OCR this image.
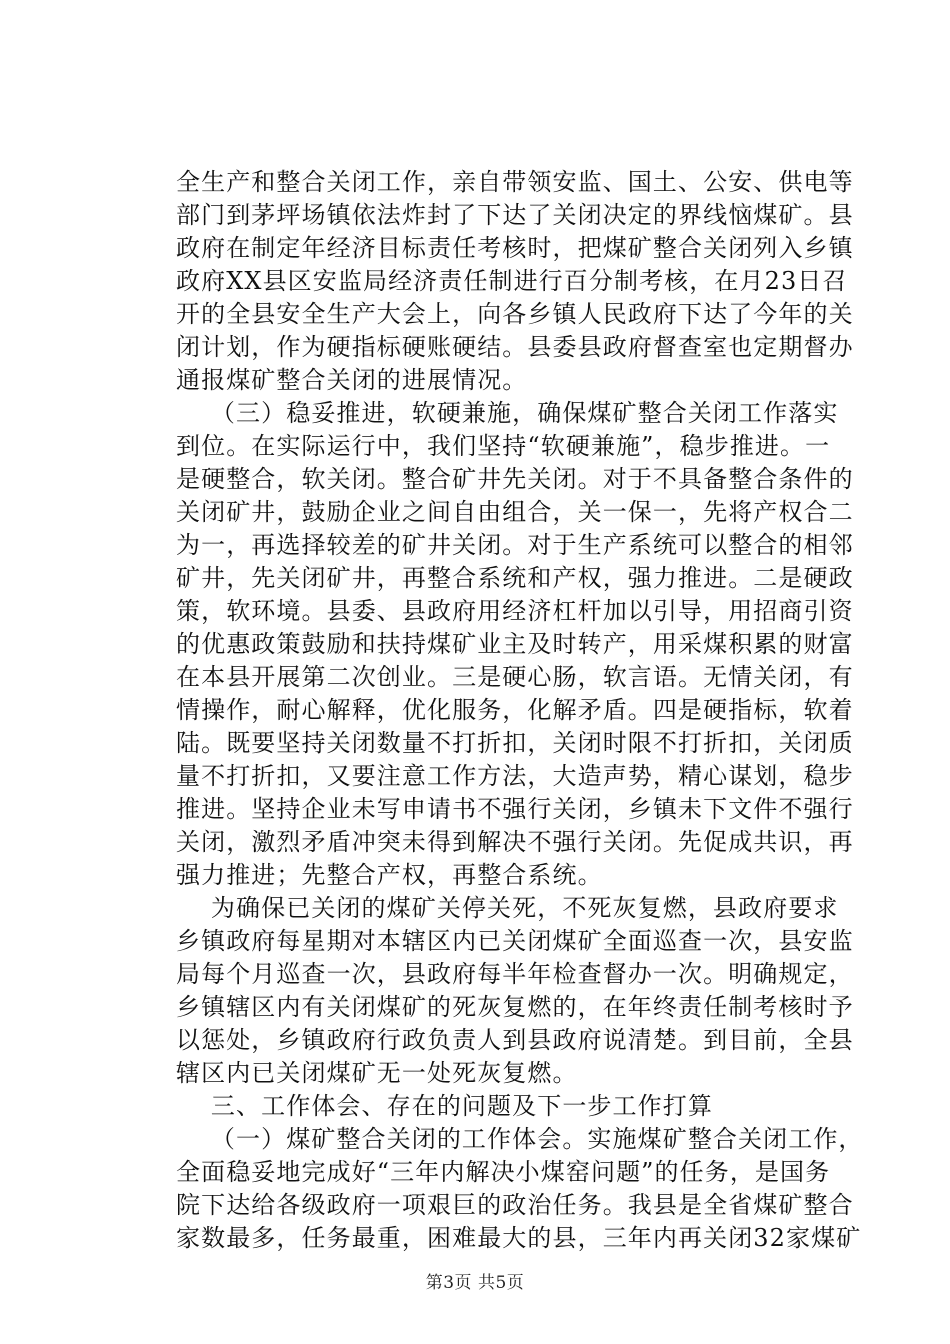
全生产和整合关闭工作，亲自带领安监、国土、公安、供电等
部门到茅坪场镇依法炸封了下达了关闭决定的界线恼煤矿。县
政府在制定年经济目标责任考核时，把煤矿整合关闭列入乡镇
政府XX县区安监局经济责任制进行百分制考核，在月23日召
开的全县安全生产大会上，向各乡镇人民政府下达了今年的关
闭计划，作为硬指标硬账硬结。县委县政府督查室也定期督办
通报煤矿整合关闭的进展情况。
（三）稳妥推进，软硬兼施，确保煤矿整合关闭工作落实
到位。在实际运行中，我们坚持“软硬兼施”，稳步推进。一
是硬整合，软关闭。整合矿井先关闭。对于不具备整合条件的
关闭矿井，鼓励企业之间自由组合，关一保一，先将产权合二
为一，再选择较差的矿井关闭。对于生产系统可以整合的相邻
矿井，先关闭矿井，再整合系统和产权，强力推进。二是硬政
策，软环境。县委、县政府用经济杠杆加以引导，用招商引资
的优惠政策鼓励和扶持煤矿业主及时转产，用采煤积累的财富
在本县开展第二次创业。三是硬心肠，软言语。无情关闭，有
情操作，耐心解释，优化服务，化解矛盾。四是硬指标，软着
陆。既要坚持关闭数量不打折扣，关闭时限不打折扣，关闭质
量不打折扣，又要注意工作方法，大造声势，精心谋划，稳步
推进。坚持企业未写申请书不强行关闭，乡镇未下文件不强行
关闭，激烈矛盾冲突未得到解决不强行关闭。先促成共识，再
强力推进；先整合产权，再整合系统。
为确保已关闭的煤矿关停关死，不死灰复燃，县政府要求
乡镇政府每星期对本辖区内已关闭煤矿全面巡查一次，县安监
局每个月巡查一次，县政府每半年检查督办一次。明确规定，
乡镇辖区内有关闭煤矿的死灰复燃的，在年终责任制考核时予
以惩处，乡镇政府行政负责人到县政府说清楚。到目前，全县
辖区内已关闭煤矿无一处死灰复燃。
三、工作体会、存在的问题及下一步工作打算
（一）煤矿整合关闭的工作体会。实施煤矿整合关闭工作，
全面稳妥地完成好“三年内解决小煤窑问题”的任务，是国务
院下达给各级政府一项艰巨的政治任务。我县是全省煤矿整合
家数最多，任务最重，困难最大的县，三年内再关闭32家煤矿
第3页 共5页
